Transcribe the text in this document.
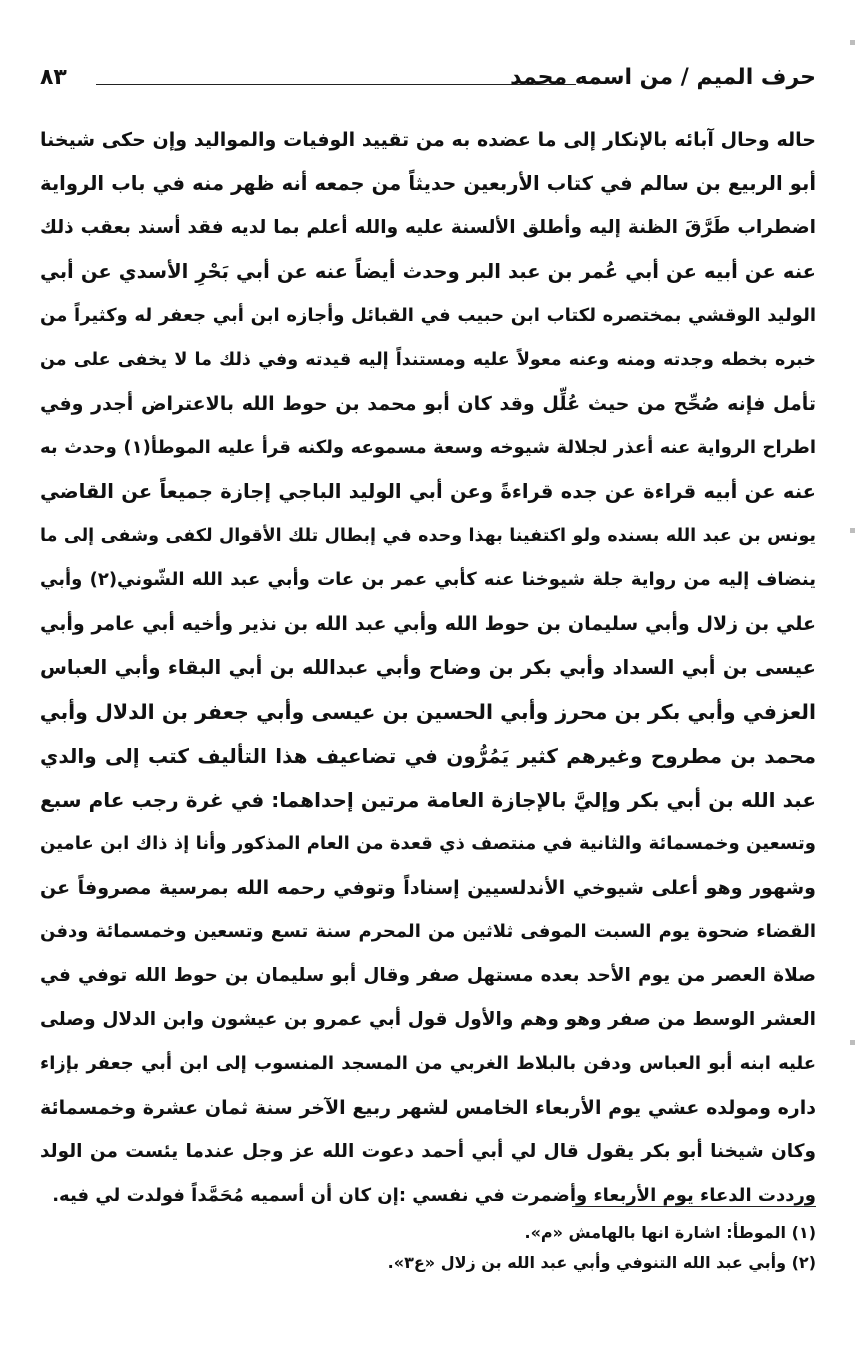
حرف الميم / من اسمه محمد
٨٣
حاله وحال آبائه بالإنكار إلى ما عضده به من تقييد الوفيات والمواليد وإن حكى شيخنا
أبو الربيع بن سالم في كتاب الأربعين حديثاً من جمعه أنه ظهر منه في باب الرواية
اضطراب طَرَّقَ الظنة إليه وأطلق الألسنة عليه والله أعلم بما لديه فقد أسند بعقب ذلك
عنه عن أبيه عن أبي عُمر بن عبد البر وحدث أيضاً عنه عن أبي بَحْرِ الأسدي عن أبي
الوليد الوقشي بمختصره لكتاب ابن حبيب في القبائل وأجازه ابن أبي جعفر له وكثيراً من
خبره بخطه وجدته ومنه وعنه معولاً عليه ومستنداً إليه قيدته وفي ذلك ما لا يخفى على من
تأمل فإنه صُحِّح من حيث عُلِّل وقد كان أبو محمد بن حوط الله بالاعتراض أجدر وفي
اطراح الرواية عنه أعذر لجلالة شيوخه وسعة مسموعه ولكنه قرأ عليه الموطأ(١) وحدث به
عنه عن أبيه قراءة عن جده قراءةً وعن أبي الوليد الباجي إجازة جميعاً عن القاضي
يونس بن عبد الله بسنده ولو اكتفينا بهذا وحده في إبطال تلك الأقوال لكفى وشفى إلى ما
ينضاف إليه من رواية جلة شيوخنا عنه كأبي عمر بن عات وأبي عبد الله الشّوني(٢) وأبي
علي بن زلال وأبي سليمان بن حوط الله وأبي عبد الله بن نذير وأخيه أبي عامر وأبي
عيسى بن أبي السداد وأبي بكر بن وضاح وأبي عبدالله بن أبي البقاء وأبي العباس
العزفي وأبي بكر بن محرز وأبي الحسين بن عيسى وأبي جعفر بن الدلال وأبي
محمد بن مطروح وغيرهم كثير يَمُرُّون في تضاعيف هذا التأليف كتب إلى والدي
عبد الله بن أبي بكر وإليَّ بالإجازة العامة مرتين إحداهما: في غرة رجب عام سبع
وتسعين وخمسمائة والثانية في منتصف ذي قعدة من العام المذكور وأنا إذ ذاك ابن عامين
وشهور وهو أعلى شيوخي الأندلسيين إسناداً وتوفي رحمه الله بمرسية مصروفاً عن
القضاء ضحوة يوم السبت الموفى ثلاثين من المحرم سنة تسع وتسعين وخمسمائة ودفن
صلاة العصر من يوم الأحد بعده مستهل صفر وقال أبو سليمان بن حوط الله توفي في
العشر الوسط من صفر وهو وهم والأول قول أبي عمرو بن عيشون وابن الدلال وصلى
عليه ابنه أبو العباس ودفن بالبلاط الغربي من المسجد المنسوب إلى ابن أبي جعفر بإزاء
داره ومولده عشي يوم الأربعاء الخامس لشهر ربيع الآخر سنة ثمان عشرة وخمسمائة
وكان شيخنا أبو بكر يقول قال لي أبي أحمد دعوت الله عز وجل عندما يئست من الولد
ورددت الدعاء يوم الأربعاء وأضمرت في نفسي :إن كان أن أسميه مُحَمَّداً فولدت لي فيه.
(١) الموطأ: اشارة انها بالهامش «م».
(٢) وأبي عبد الله التنوفي وأبي عبد الله بن زلال «ع٣».
